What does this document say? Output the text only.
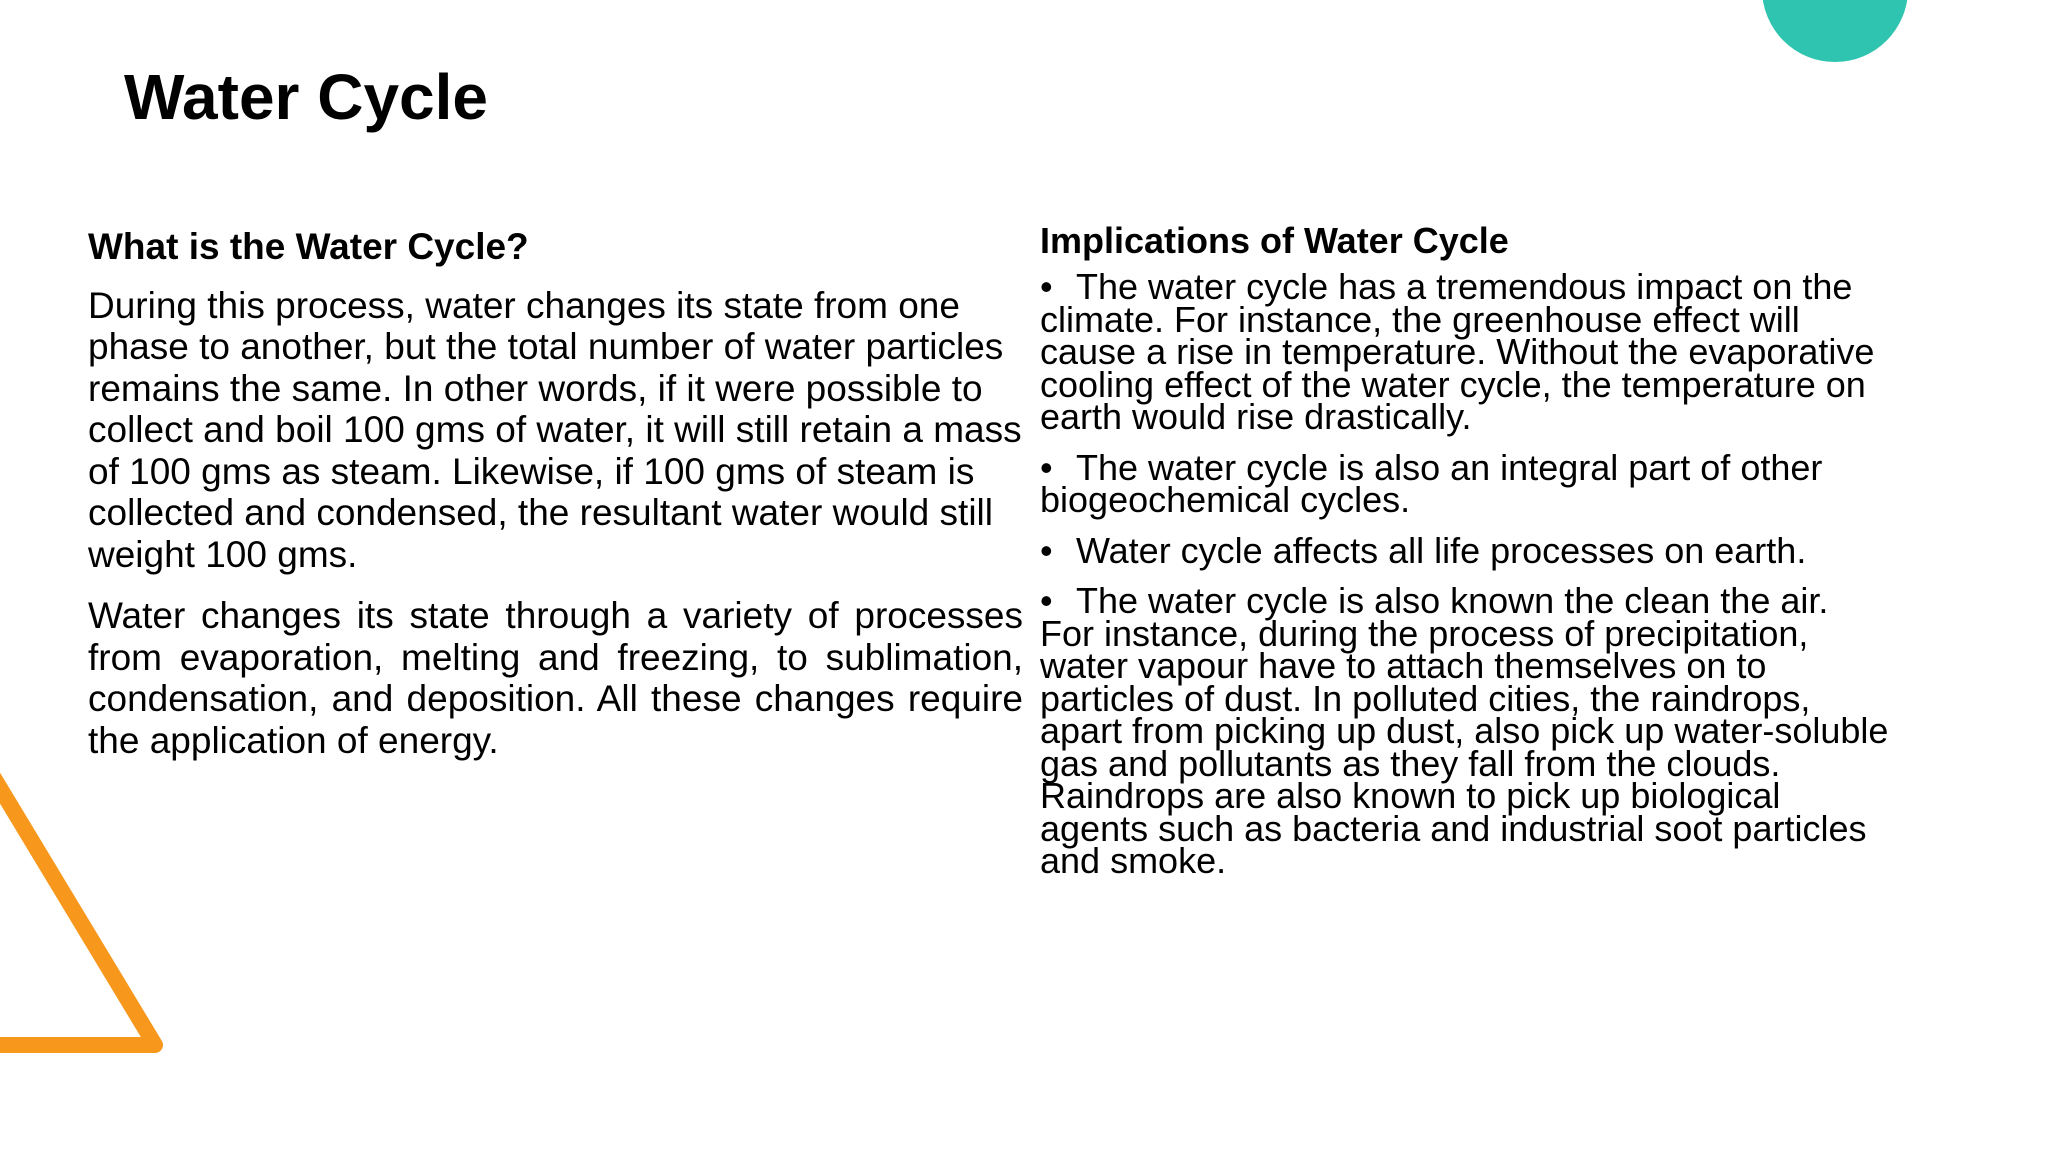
Water Cycle
What is the Water Cycle?

During this process, water changes its state from one phase to another, but the total number of water particles remains the same. In other words, if it were possible to collect and boil 100 gms of water, it will still retain a mass of 100 gms as steam. Likewise, if 100 gms of steam is collected and condensed, the resultant water would still weight 100 gms.

Water changes its state through a variety of processes from evaporation, melting and freezing, to sublimation, condensation, and deposition. All these changes require the application of energy.

Implications of Water Cycle

• The water cycle has a tremendous impact on the climate. For instance, the greenhouse effect will cause a rise in temperature. Without the evaporative cooling effect of the water cycle, the temperature on earth would rise drastically.

• The water cycle is also an integral part of other biogeochemical cycles.

• Water cycle affects all life processes on earth.

• The water cycle is also known the clean the air. For instance, during the process of precipitation, water vapour have to attach themselves on to particles of dust. In polluted cities, the raindrops, apart from picking up dust, also pick up water-soluble gas and pollutants as they fall from the clouds. Raindrops are also known to pick up biological agents such as bacteria and industrial soot particles and smoke.
